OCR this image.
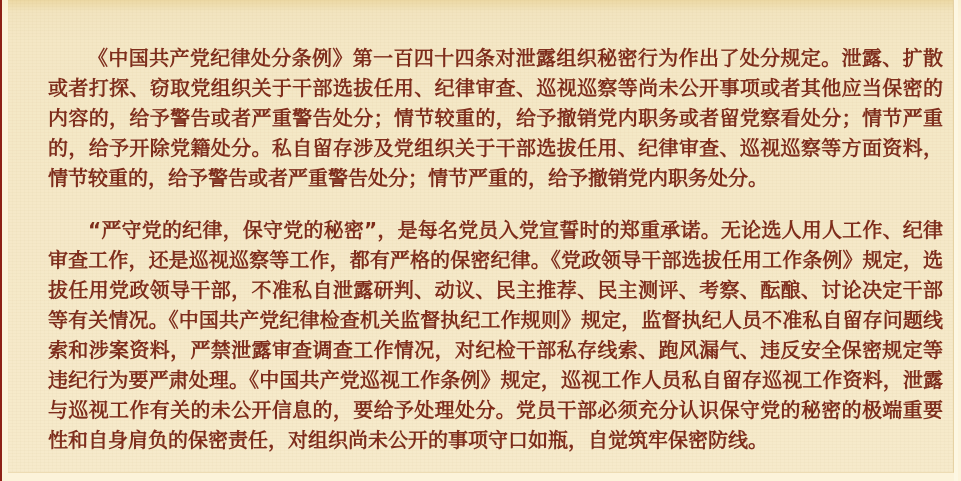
《中国共产党纪律处分条例》第一百四十四条对泄露组织秘密行为作出了处分规定。泄露、扩散或者打探、窃取党组织关于干部选拔任用、纪律审查、巡视巡察等尚未公开事项或者其他应当保密的内容的，给予警告或者严重警告处分；情节较重的，给予撤销党内职务或者留党察看处分；情节严重的，给予开除党籍处分。私自留存涉及党组织关于干部选拔任用、纪律审查、巡视巡察等方面资料，情节较重的，给予警告或者严重警告处分；情节严重的，给予撤销党内职务处分。

“严守党的纪律，保守党的秘密”，是每名党员入党宣誓时的郑重承诺。无论选人用人工作、纪律审查工作，还是巡视巡察等工作，都有严格的保密纪律。《党政领导干部选拔任用工作条例》规定，选拔任用党政领导干部，不准私自泄露研判、动议、民主推荐、民主测评、考察、酝酿、讨论决定干部等有关情况。《中国共产党纪律检查机关监督执纪工作规则》规定，监督执纪人员不准私自留存问题线索和涉案资料，严禁泄露审查调查工作情况，对纪检干部私存线索、跑风漏气、违反安全保密规定等违纪行为要严肃处理。《中国共产党巡视工作条例》规定，巡视工作人员私自留存巡视工作资料，泄露与巡视工作有关的未公开信息的，要给予处理处分。党员干部必须充分认识保守党的秘密的极端重要性和自身肩负的保密责任，对组织尚未公开的事项守口如瓶，自觉筑牢保密防线。
